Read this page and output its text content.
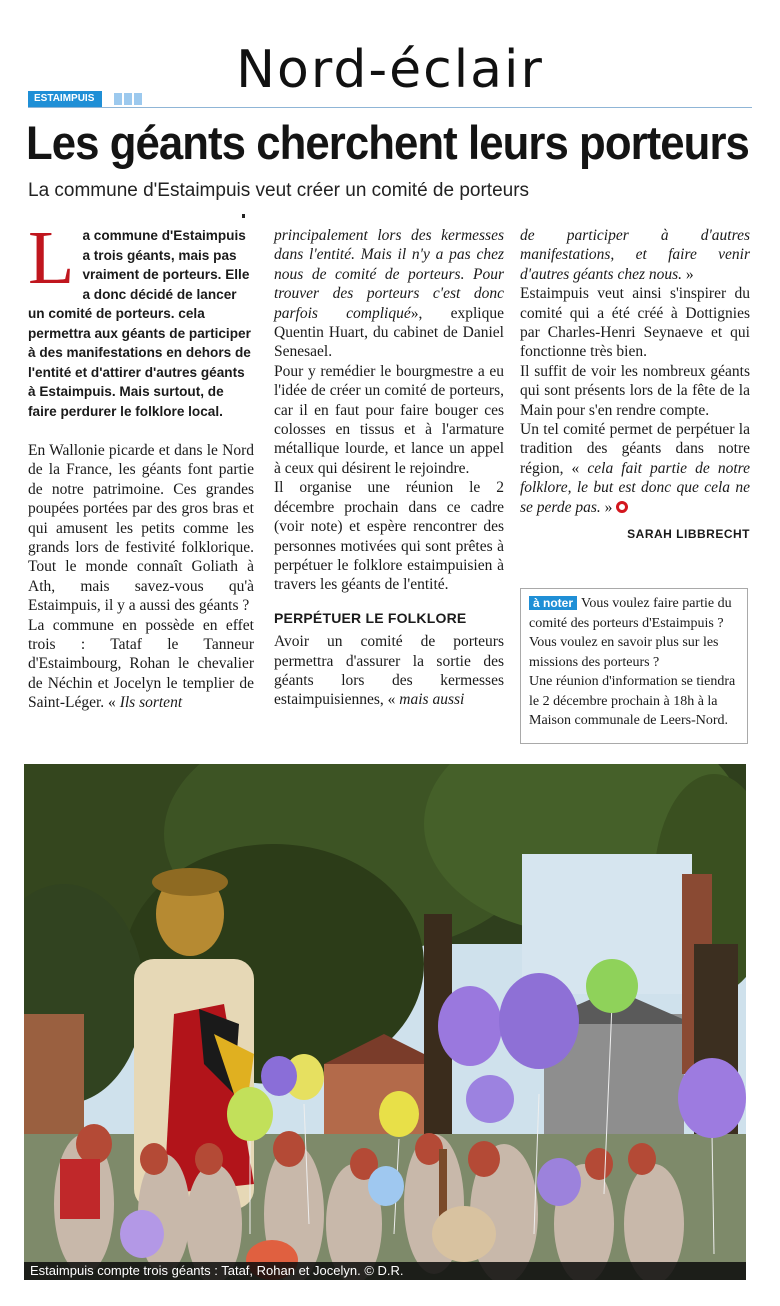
Nord-éclair
ESTAIMPUIS
Les géants cherchent leurs porteurs
La commune d'Estaimpuis veut créer un comité de porteurs

La commune d'Estaimpuis a trois géants, mais pas vraiment de porteurs. Elle a donc décidé de lancer un comité de porteurs. cela permettra aux géants de participer à des manifestations en dehors de l'entité et d'attirer d'autres géants à Estaimpuis. Mais surtout, de faire perdurer le folklore local.

En Wallonie picarde et dans le Nord de la France, les géants font partie de notre patrimoine. Ces grandes poupées portées par des gros bras et qui amusent les petits comme les grands lors de festivité folklorique. Tout le monde connaît Goliath à Ath, mais savez-vous qu'à Estaimpuis, il y a aussi des géants ?

La commune en possède en effet trois : Tataf le Tanneur d'Estaimbourg, Rohan le chevalier de Néchin et Jocelyn le templier de Saint-Léger. « Ils sortent

principalement lors des kermesses dans l'entité. Mais il n'y a pas chez nous de comité de porteurs. Pour trouver des porteurs c'est donc parfois compliqué», explique Quentin Huart, du cabinet de Daniel Senesael.

Pour y remédier le bourgmestre a eu l'idée de créer un comité de porteurs, car il en faut pour faire bouger ces colosses en tissus et à l'armature métallique lourde, et lance un appel à ceux qui désirent le rejoindre.

Il organise une réunion le 2 décembre prochain dans ce cadre (voir note) et espère rencontrer des personnes motivées qui sont prêtes à perpétuer le folklore estaimpuisien à travers les géants de l'entité.

PERPÉTUER LE FOLKLORE

Avoir un comité de porteurs permettra d'assurer la sortie des géants lors des kermesses estaimpuisiennes, « mais aussi

de participer à d'autres manifestations, et faire venir d'autres géants chez nous. »

Estaimpuis veut ainsi s'inspirer du comité qui a été créé à Dottignies par Charles-Henri Seynaeve et qui fonctionne très bien.

Il suffit de voir les nombreux géants qui sont présents lors de la fête de la Main pour s'en rendre compte.

Un tel comité permet de perpétuer la tradition des géants dans notre région, « cela fait partie de notre folklore, le but est donc que cela ne se perde pas. »

SARAH LIBBRECHT

à noter Vous voulez faire partie du comité des porteurs d'Estaimpuis ? Vous voulez en savoir plus sur les missions des porteurs ?
Une réunion d'information se tiendra le 2 décembre prochain à 18h à la Maison communale de Leers-Nord.
Estaimpuis compte trois géants : Tataf, Rohan et Jocelyn. © D.R.
